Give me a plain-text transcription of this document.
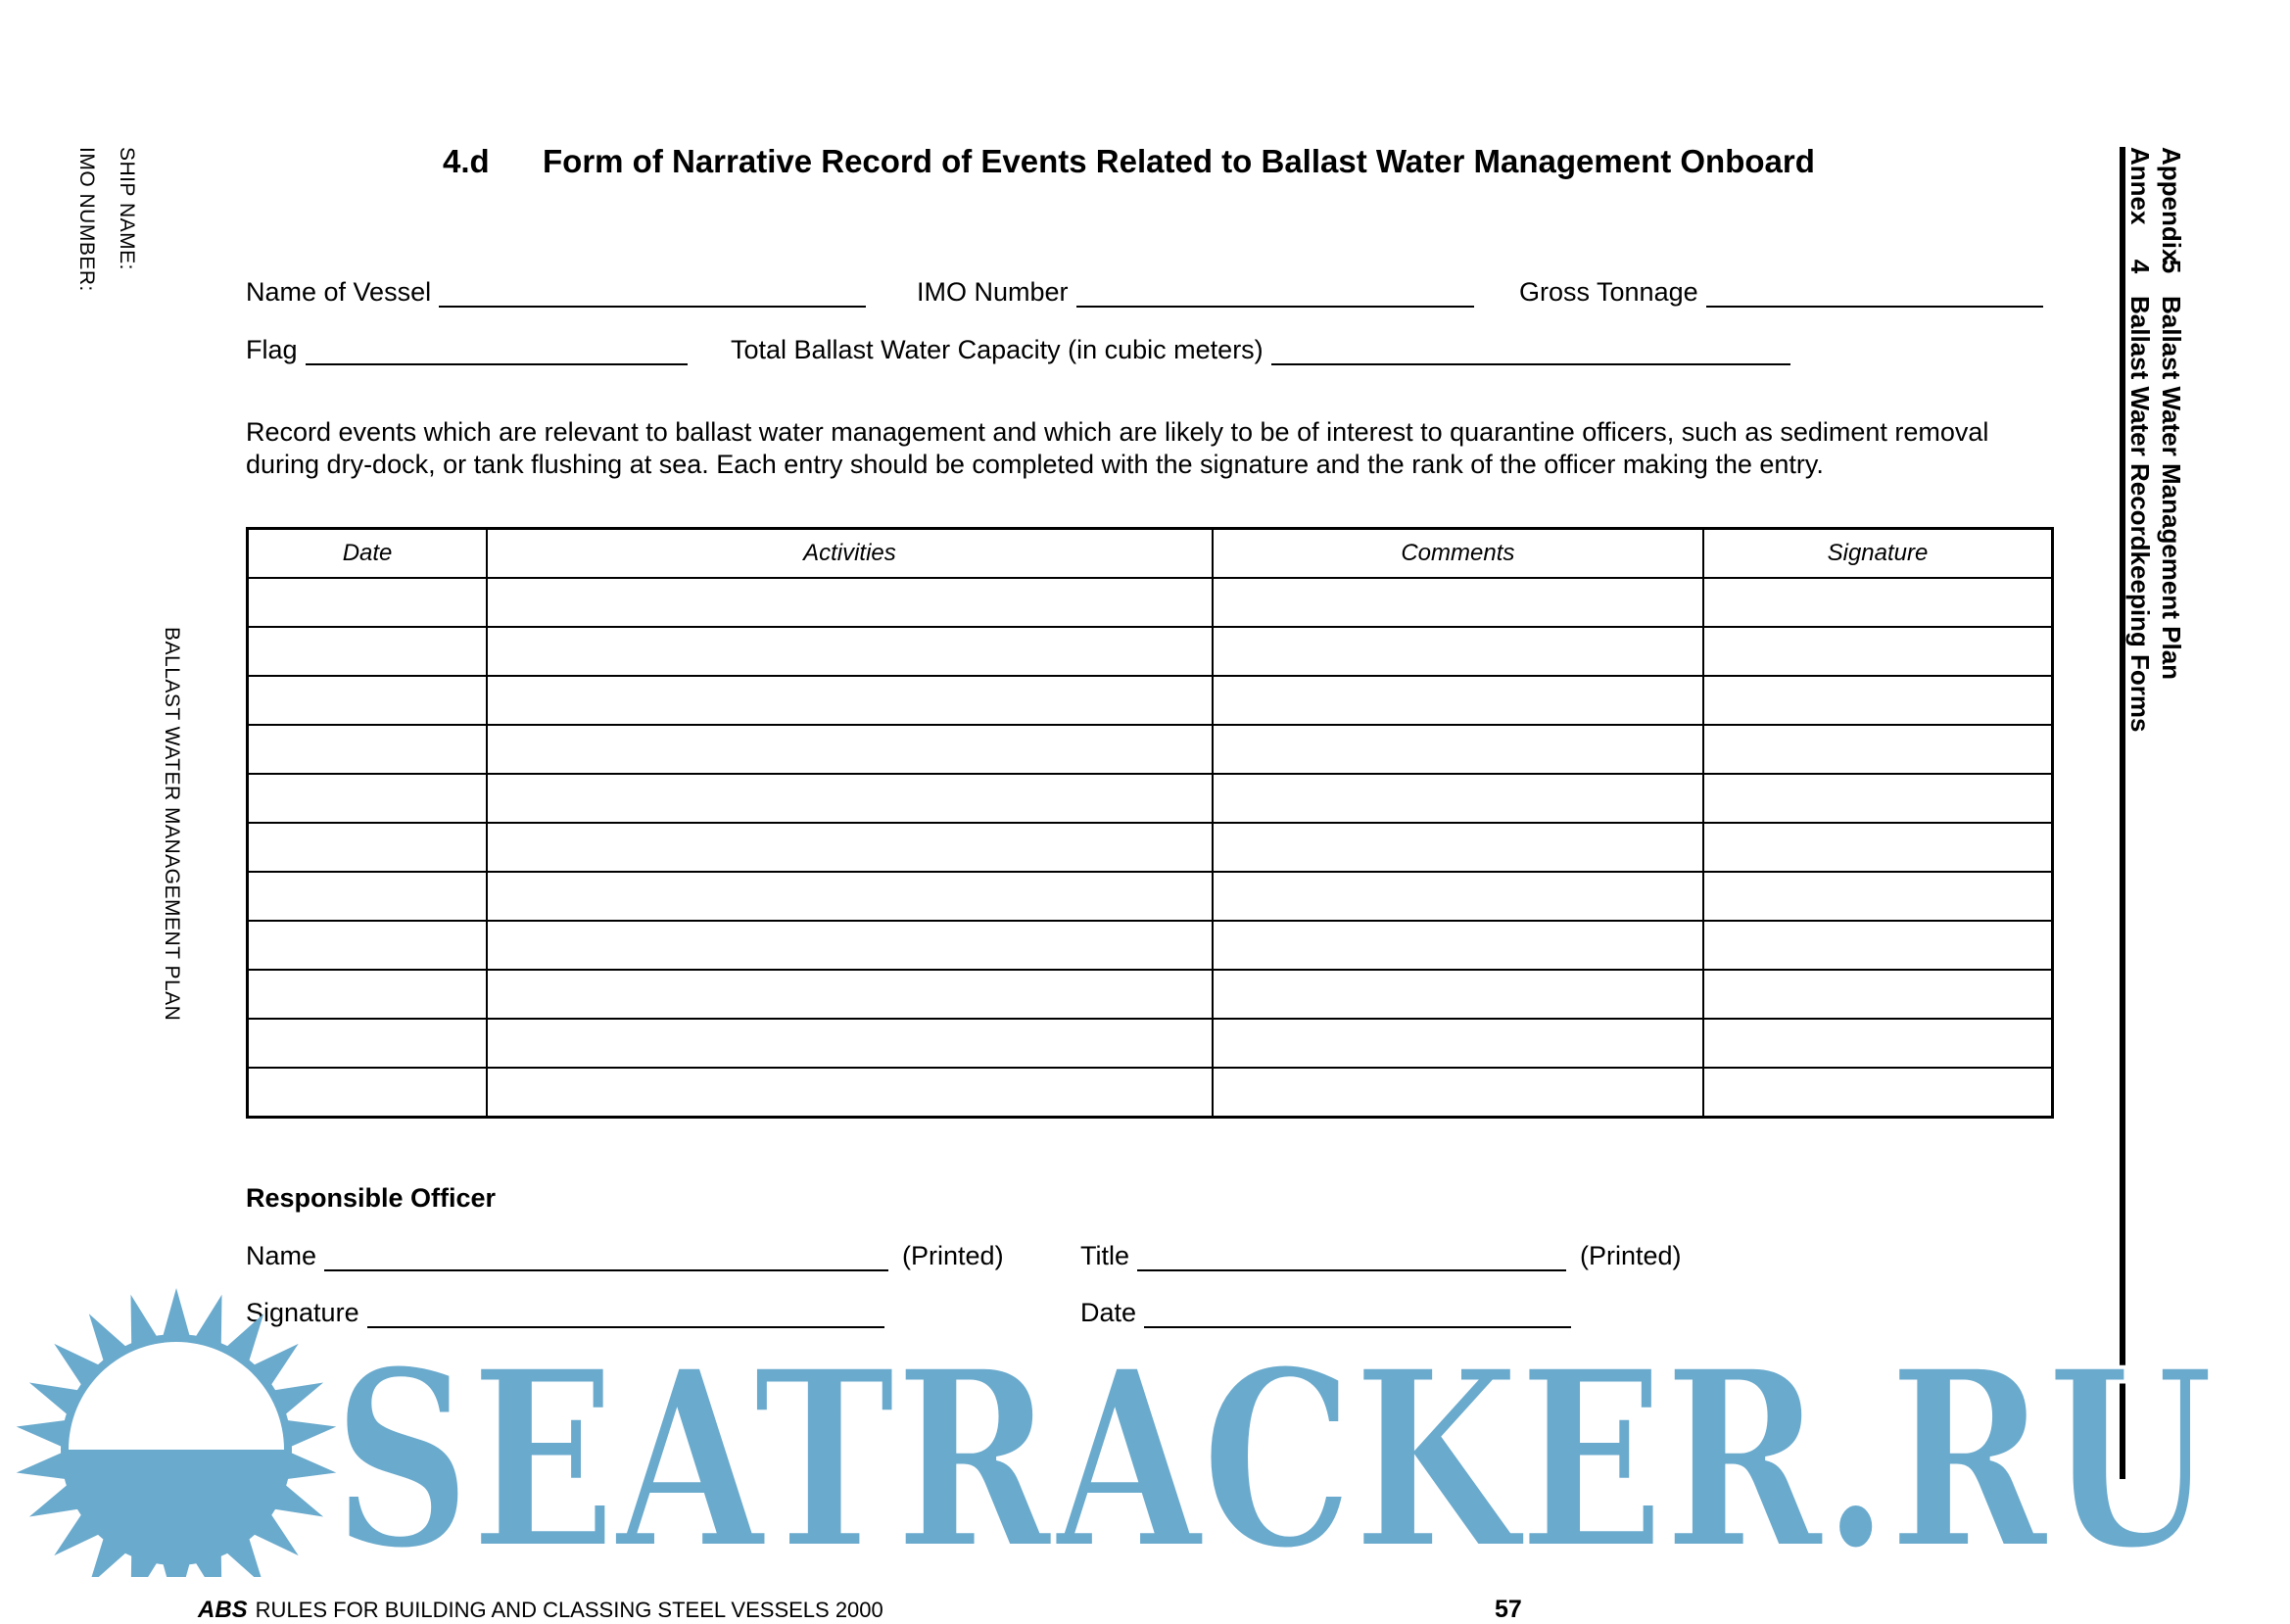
SHIP NAME:
IMO NUMBER:
BALLAST WATER MANAGEMENT PLAN
Appendix5Ballast Water Management Plan
Annex4Ballast Water Recordkeeping Forms
4.d Form of Narrative Record of Events Related to Ballast Water Management Onboard
Name of Vessel	IMO Number	Gross Tonnage
Flag	Total Ballast Water Capacity (in cubic meters)
Record events which are relevant to ballast water management and which are likely to be of interest to quarantine officers, such as sediment removal during dry-dock, or tank flushing at sea. Each entry should be completed with the signature and the rank of the officer making the entry.
Date	Activities	Comments	Signature

Responsible Officer
Name	(Printed)	Title	(Printed)
Signature	Date
SEATRACKER.RU
ABS RULES FOR BUILDING AND CLASSING STEEL VESSELS 2000	57
